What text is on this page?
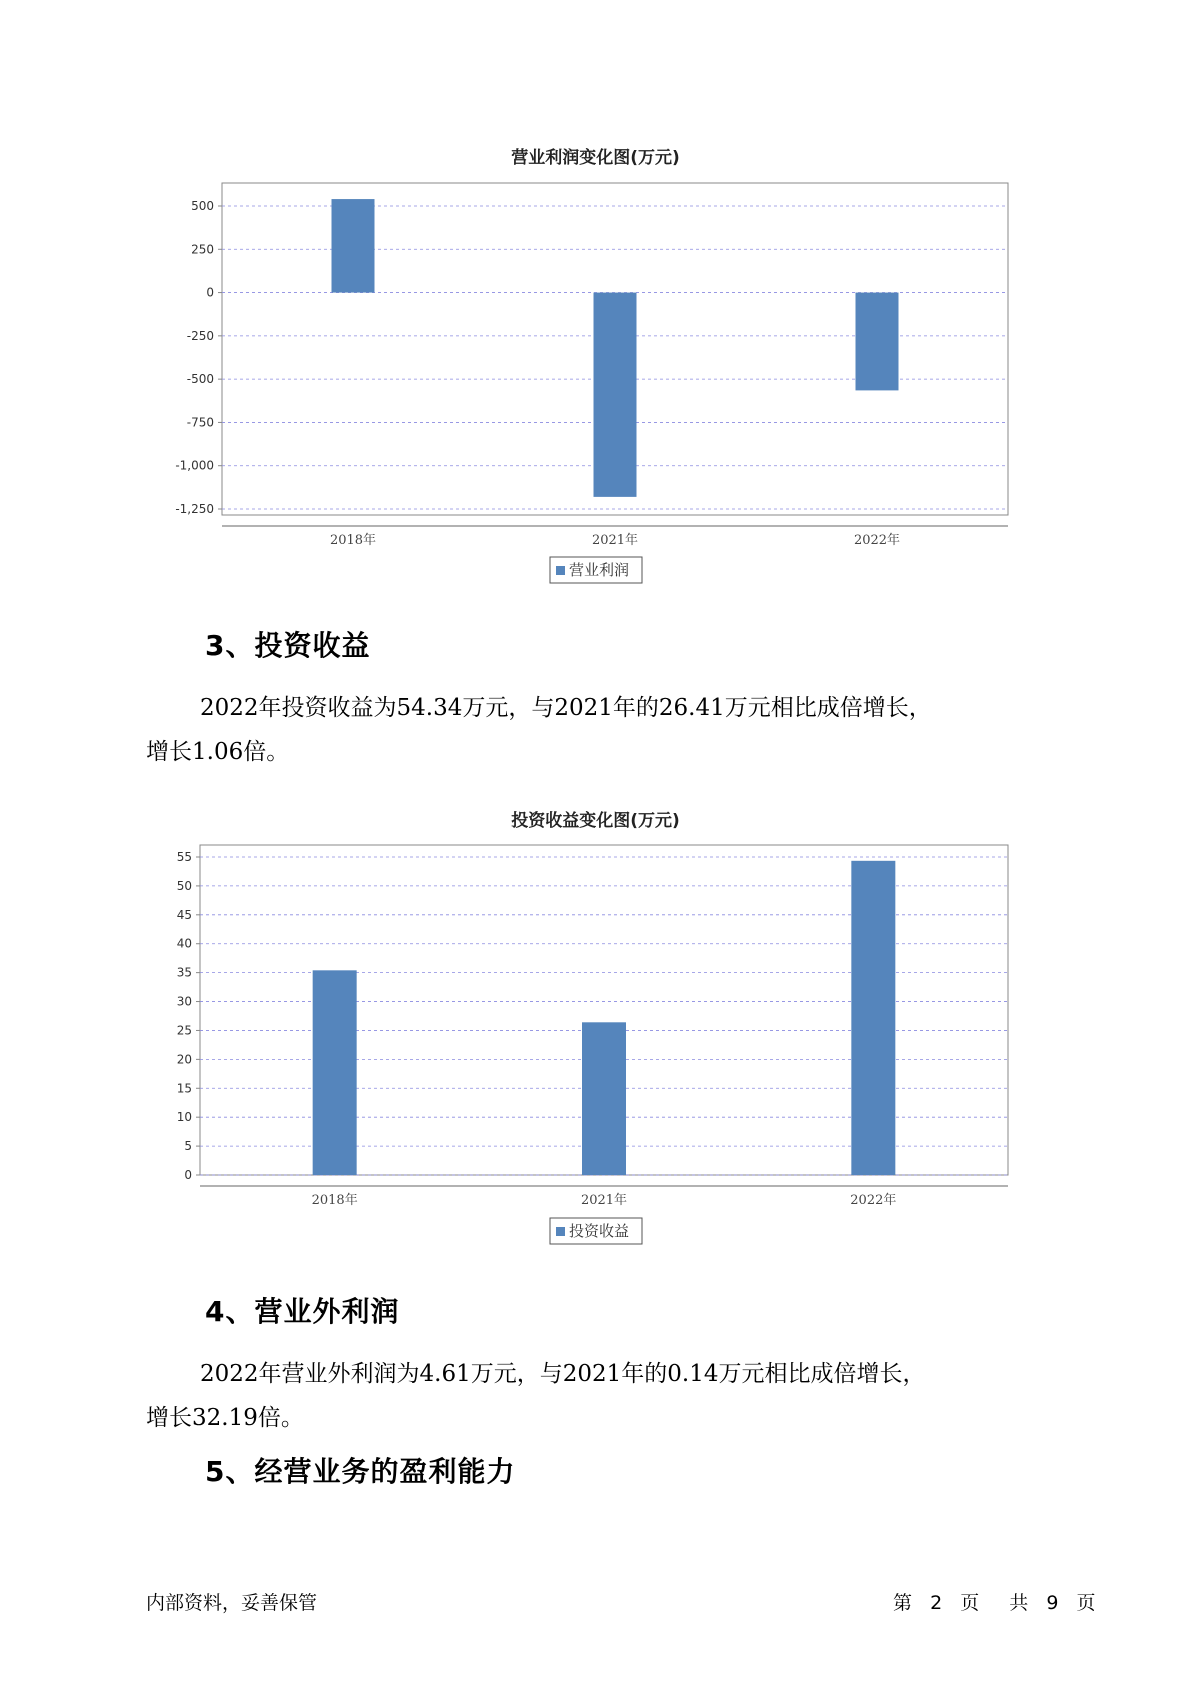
营业利润变化图(万元)
500
250
0
-250
-500
-750
-1,000
-1,250
2018年	2021年	2022年
营业利润
3、投资收益
2022年投资收益为54.34万元，与2021年的26.41万元相比成倍增长，
增长1.06倍。
投资收益变化图(万元)
0
5
10
15
20
25
30
35
40
45
50
55
2018年	2021年	2022年
投资收益
4、营业外利润
2022年营业外利润为4.61万元，与2021年的0.14万元相比成倍增长，
增长32.19倍。
5、经营业务的盈利能力
内部资料，妥善保管	第 2 页 共 9 页
